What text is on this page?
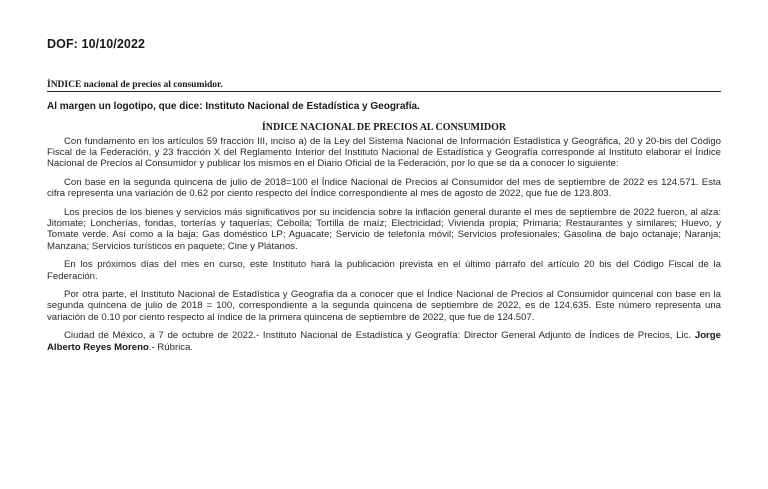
DOF: 10/10/2022
ÍNDICE nacional de precios al consumidor.
Al margen un logotipo, que dice: Instituto Nacional de Estadística y Geografía.
ÍNDICE NACIONAL DE PRECIOS AL CONSUMIDOR

Con fundamento en los artículos 59 fracción III, inciso a) de la Ley del Sistema Nacional de Información Estadística y Geográfica, 20 y 20-bis del Código Fiscal de la Federación, y 23 fracción X del Reglamento Interior del Instituto Nacional de Estadística y Geografía corresponde al Instituto elaborar el Índice Nacional de Precios al Consumidor y publicar los mismos en el Diario Oficial de la Federación, por lo que se da a conocer lo siguiente:

Con base en la segunda quincena de julio de 2018=100 el Índice Nacional de Precios al Consumidor del mes de septiembre de 2022 es 124.571. Esta cifra representa una variación de 0.62 por ciento respecto del Índice correspondiente al mes de agosto de 2022, que fue de 123.803.

Los precios de los bienes y servicios más significativos por su incidencia sobre la inflación general durante el mes de septiembre de 2022 fueron, al alza: Jitomate; Loncherías, fondas, torterías y taquerías; Cebolla; Tortilla de maíz; Electricidad; Vivienda propia; Primaria; Restaurantes y similares; Huevo, y Tomate verde. Así como a la baja: Gas doméstico LP; Aguacate; Servicio de telefonía móvil; Servicios profesionales; Gasolina de bajo octanaje; Naranja; Manzana; Servicios turísticos en paquete; Cine y Plátanos.

En los próximos días del mes en curso, este Instituto hará la publicación prevista en el último párrafo del artículo 20 bis del Código Fiscal de la Federación.

Por otra parte, el Instituto Nacional de Estadística y Geografía da a conocer que el Índice Nacional de Precios al Consumidor quincenal con base en la segunda quincena de julio de 2018 = 100, correspondiente a la segunda quincena de septiembre de 2022, es de 124.635. Este número representa una variación de 0.10 por ciento respecto al índice de la primera quincena de septiembre de 2022, que fue de 124.507.

Ciudad de México, a 7 de octubre de 2022.- Instituto Nacional de Estadística y Geografía: Director General Adjunto de Índices de Precios, Lic. Jorge Alberto Reyes Moreno.- Rúbrica.
